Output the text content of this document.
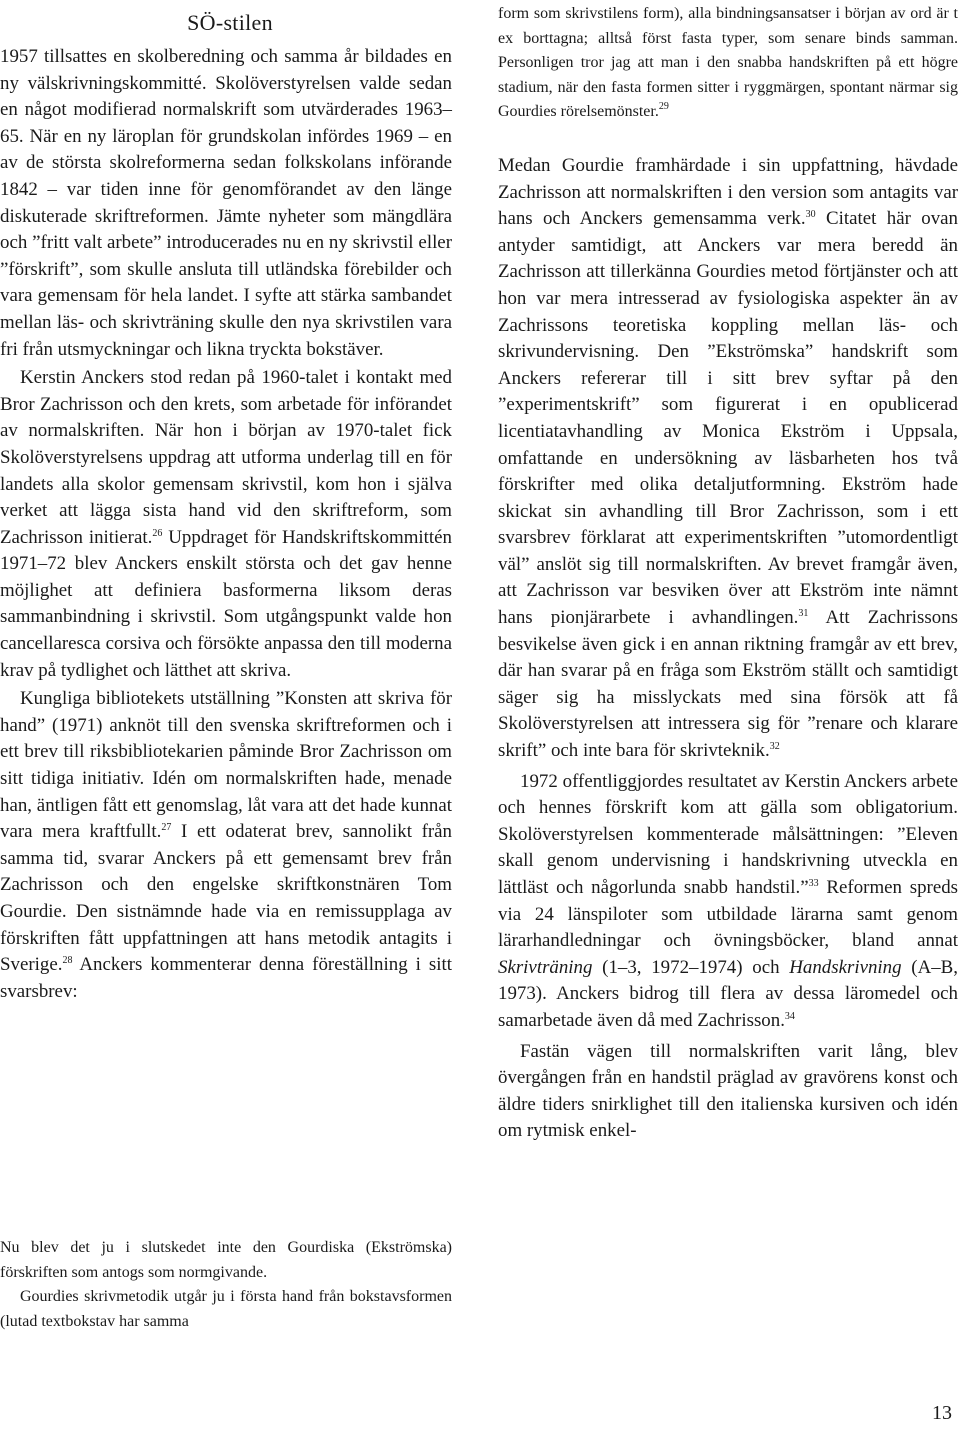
SÖ-stilen

1957 tillsattes en skolberedning och samma år bildades en ny välskrivningskommitté. Skolöverstyrelsen valde sedan en något modifierad normalskrift som utvärderades 1963–65. När en ny läroplan för grundskolan infördes 1969 – en av de största skolreformerna sedan folkskolans införande 1842 – var tiden inne för genomförandet av den länge diskuterade skriftreformen. Jämte nyheter som mängdlära och ”fritt valt arbete” introducerades nu en ny skrivstil eller ”förskrift”, som skulle ansluta till utländska förebilder och vara gemensam för hela landet. I syfte att stärka sambandet mellan läs- och skrivträning skulle den nya skrivstilen vara fri från utsmyckningar och likna tryckta bokstäver.

Kerstin Anckers stod redan på 1960-talet i kontakt med Bror Zachrisson och den krets, som arbetade för införandet av normalskriften. När hon i början av 1970-talet fick Skolöverstyrelsens uppdrag att utforma underlag till en för landets alla skolor gemensam skrivstil, kom hon i själva verket att lägga sista hand vid den skriftreform, som Zachrisson initierat.$^{26}$ Uppdraget för Handskriftskommittén 1971–72 blev Anckers enskilt största och det gav henne möjlighet att definiera basformerna liksom deras sammanbindning i skrivstil. Som utgångspunkt valde hon cancellaresca corsiva och försökte anpassa den till moderna krav på tydlighet och lätthet att skriva.

Kungliga bibliotekets utställning ”Konsten att skriva för hand” (1971) anknöt till den svenska skriftreformen och i ett brev till riksbibliotekarien påminde Bror Zachrisson om sitt tidiga initiativ. Idén om normalskriften hade, menade han, äntligen fått ett genomslag, låt vara att det hade kunnat vara mera kraftfullt.$^{27}$ I ett odaterat brev, sannolikt från samma tid, svarar Anckers på ett gemensamt brev från Zachrisson och den engelske skriftkonstnären Tom Gourdie. Den sistnämnde hade via en remissupplaga av förskriften fått uppfattningen att hans metodik antagits i Sverige.$^{28}$ Anckers kommenterar denna föreställning i sitt svarsbrev:

Nu blev det ju i slutskedet inte den Gourdiska (Ekströmska) förskriften som antogs som normgivande.

Gourdies skrivmetodik utgår ju i första hand från bokstavsformen (lutad textbokstav har samma

form som skrivstilens form), alla bindningsansatser i början av ord är t ex borttagna; alltså först fasta typer, som senare binds samman. Personligen tror jag att man i den snabba handskriften på ett högre stadium, när den fasta formen sitter i ryggmärgen, spontant närmar sig Gourdies rörelsemönster.$^{29}$

Medan Gourdie framhärdade i sin uppfattning, hävdade Zachrisson att normalskriften i den version som antagits var hans och Anckers gemensamma verk.$^{30}$ Citatet här ovan antyder samtidigt, att Anckers var mera beredd än Zachrisson att tillerkänna Gourdies metod förtjänster och att hon var mera intresserad av fysiologiska aspekter än av Zachrissons teoretiska koppling mellan läs- och skrivundervisning. Den ”Ekströmska” handskrift som Anckers refererar till i sitt brev syftar på den ”experimentskrift” som figurerat i en opublicerad licentiatavhandling av Monica Ekström i Uppsala, omfattande en undersökning av läsbarheten hos två förskrifter med olika detaljutformning. Ekström hade skickat sin avhandling till Bror Zachrisson, som i ett svarsbrev förklarat att experimentskriften ”utomordentligt väl” anslöt sig till normalskriften. Av brevet framgår även, att Zachrisson var besviken över att Ekström inte nämnt hans pionjärarbete i avhandlingen.$^{31}$ Att Zachrissons besvikelse även gick i en annan riktning framgår av ett brev, där han svarar på en fråga som Ekström ställt och samtidigt säger sig ha misslyckats med sina försök att få Skolöverstyrelsen att intressera sig för ”renare och klarare skrift” och inte bara för skrivteknik.$^{32}$

1972 offentliggjordes resultatet av Kerstin Anckers arbete och hennes förskrift kom att gälla som obligatorium. Skolöverstyrelsen kommenterade målsättningen: ”Eleven skall genom undervisning i handskrivning utveckla en lättläst och någorlunda snabb handstil.”$^{33}$ Reformen spreds via 24 länspiloter som utbildade lärarna samt genom lärarhandledningar och övningsböcker, bland annat Skrivträning (1–3, 1972–1974) och Handskrivning (A–B, 1973). Anckers bidrog till flera av dessa läromedel och samarbetade även då med Zachrisson.$^{34}$

Fastän vägen till normalskriften varit lång, blev övergången från en handstil präglad av gravörens konst och äldre tiders snirklighet till den italienska kursiven och idén om rytmisk enkel-

13
